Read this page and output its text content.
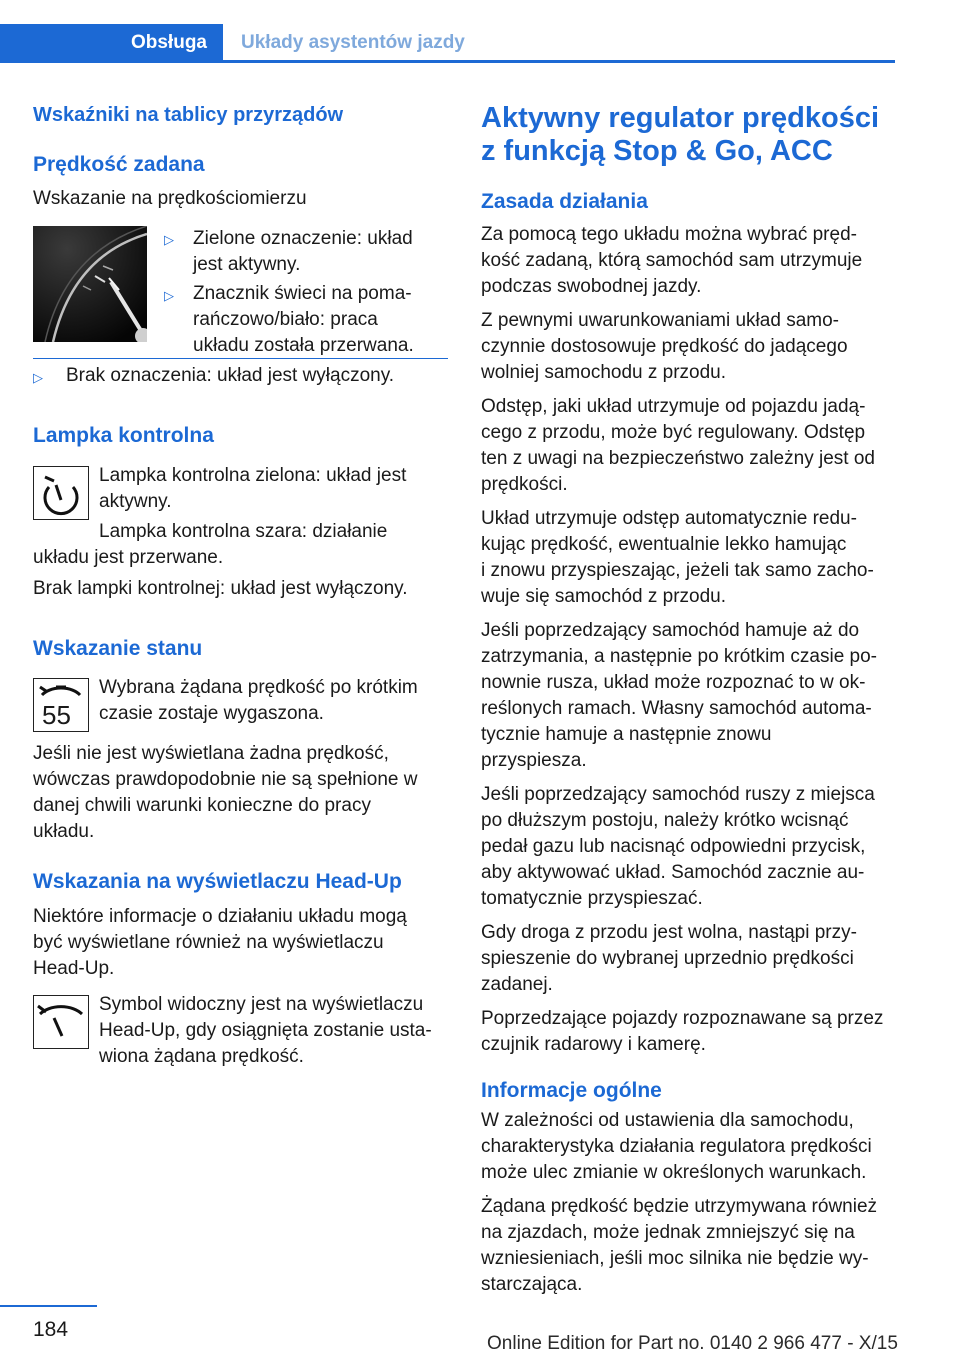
Obsługa Układy asystentów jazdy
Wskaźniki na tablicy przyrządów
Prędkość zadana
Wskazanie na prędkościomierzu
▷ Zielone oznaczenie: układ
jest aktywny.
▷ Znacznik świeci na poma-
rańczowo/biało: praca
układu została przerwana.
▷ Brak oznaczenia: układ jest wyłączony.
Lampka kontrolna
Lampka kontrolna zielona: układ jest
aktywny.
Lampka kontrolna szara: działanie
układu jest przerwane.
Brak lampki kontrolnej: układ jest wyłączony.
Wskazanie stanu
55
Wybrana żądana prędkość po krótkim
czasie zostaje wygaszona.
Jeśli nie jest wyświetlana żadna prędkość,
wówczas prawdopodobnie nie są spełnione w
danej chwili warunki konieczne do pracy
układu.
Wskazania na wyświetlaczu Head-Up
Niektóre informacje o działaniu układu mogą
być wyświetlane również na wyświetlaczu
Head-Up.
Symbol widoczny jest na wyświetlaczu
Head-Up, gdy osiągnięta zostanie usta-
wiona żądana prędkość.
Aktywny regulator prędkości
z funkcją Stop & Go, ACC
Zasada działania
Za pomocą tego układu można wybrać pręd-
kość zadaną, którą samochód sam utrzymuje
podczas swobodnej jazdy.
Z pewnymi uwarunkowaniami układ samo-
czynnie dostosowuje prędkość do jadącego
wolniej samochodu z przodu.
Odstęp, jaki układ utrzymuje od pojazdu jadą-
cego z przodu, może być regulowany. Odstęp
ten z uwagi na bezpieczeństwo zależny jest od
prędkości.
Układ utrzymuje odstęp automatycznie redu-
kując prędkość, ewentualnie lekko hamując
i znowu przyspieszając, jeżeli tak samo zacho-
wuje się samochód z przodu.
Jeśli poprzedzający samochód hamuje aż do
zatrzymania, a następnie po krótkim czasie po-
nownie rusza, układ może rozpoznać to w ok-
reślonych ramach. Własny samochód automa-
tycznie hamuje a następnie znowu
przyspiesza.
Jeśli poprzedzający samochód ruszy z miejsca
po dłuższym postoju, należy krótko wcisnąć
pedał gazu lub nacisnąć odpowiedni przycisk,
aby aktywować układ. Samochód zacznie au-
tomatycznie przyspieszać.
Gdy droga z przodu jest wolna, nastąpi przy-
spieszenie do wybranej uprzednio prędkości
zadanej.
Poprzedzające pojazdy rozpoznawane są przez
czujnik radarowy i kamerę.
Informacje ogólne
W zależności od ustawienia dla samochodu,
charakterystyka działania regulatora prędkości
może ulec zmianie w określonych warunkach.
Żądana prędkość będzie utrzymywana również
na zjazdach, może jednak zmniejszyć się na
wzniesieniach, jeśli moc silnika nie będzie wy-
starczająca.
184
Online Edition for Part no. 0140 2 966 477 - X/15
